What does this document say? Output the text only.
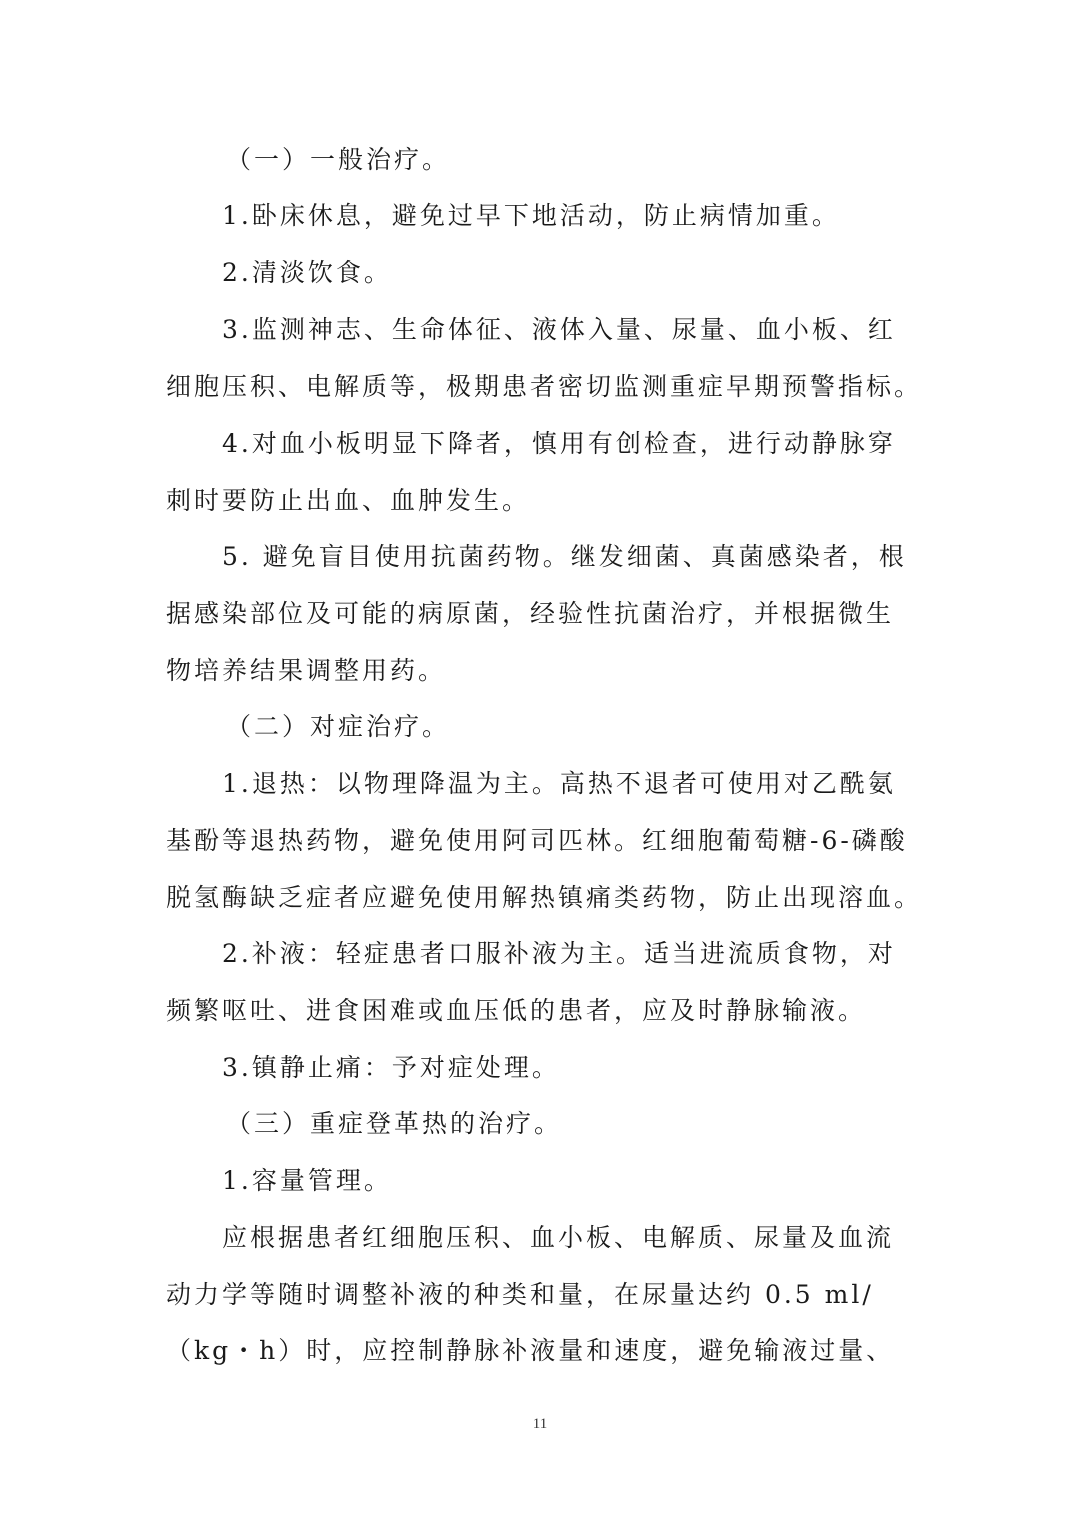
（一）一般治疗。
1.卧床休息，避免过早下地活动，防止病情加重。
2.清淡饮食。
3.监测神志、生命体征、液体入量、尿量、血小板、红
细胞压积、电解质等，极期患者密切监测重症早期预警指标。
4.对血小板明显下降者，慎用有创检查，进行动静脉穿
刺时要防止出血、血肿发生。
5. 避免盲目使用抗菌药物。继发细菌、真菌感染者，根
据感染部位及可能的病原菌，经验性抗菌治疗，并根据微生
物培养结果调整用药。
（二）对症治疗。
1.退热：以物理降温为主。高热不退者可使用对乙酰氨
基酚等退热药物，避免使用阿司匹林。红细胞葡萄糖-6-磷酸
脱氢酶缺乏症者应避免使用解热镇痛类药物，防止出现溶血。
2.补液：轻症患者口服补液为主。适当进流质食物，对
频繁呕吐、进食困难或血压低的患者，应及时静脉输液。
3.镇静止痛：予对症处理。
（三）重症登革热的治疗。
1.容量管理。
应根据患者红细胞压积、血小板、电解质、尿量及血流
动力学等随时调整补液的种类和量，在尿量达约 0.5 ml/
（kg・h）时，应控制静脉补液量和速度，避免输液过量、
11
